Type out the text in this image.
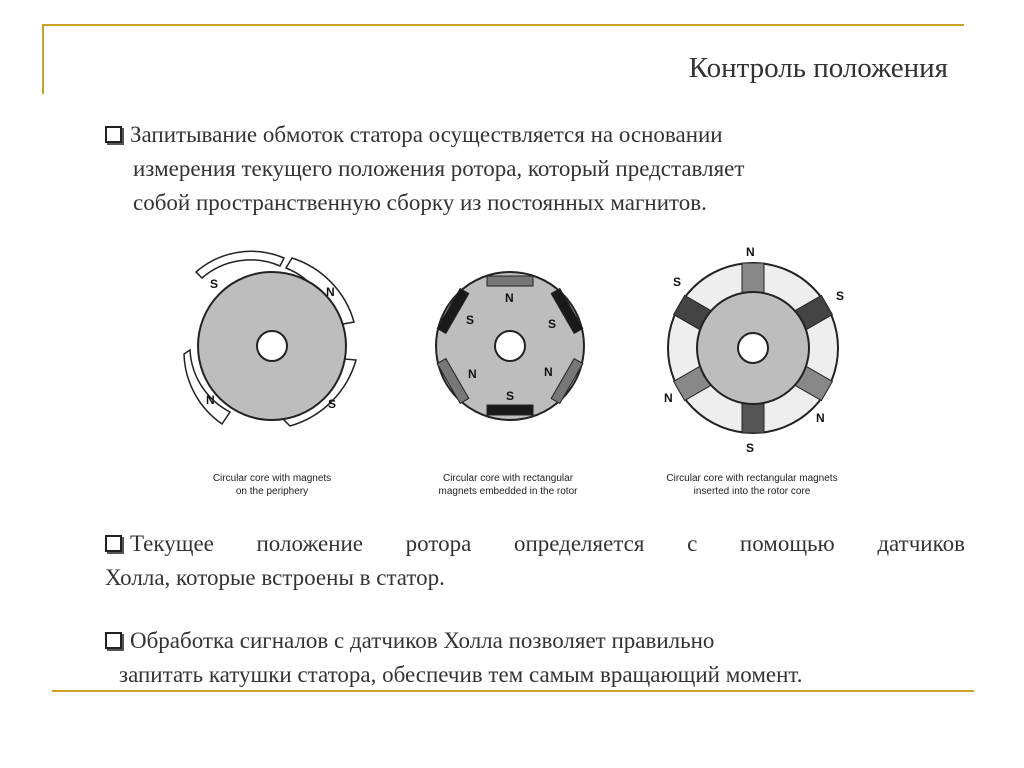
Контроль положения
Запитывание обмоток статора осуществляется на основании
измерения текущего положения ротора, который представляет
собой пространственную сборку из постоянных магнитов.
S
N
N	S
N
S	S
N	N
S
N
S
S
N
N
S
Circular core with magnets
on the periphery
Circular core with rectangular
magnets embedded in the rotor
Circular core with rectangular magnets
inserted into the rotor core
Текущее положение ротора определяется с помощью датчиков
Холла, которые встроены в статор.
Обработка сигналов с датчиков Холла позволяет правильно
запитать катушки статора, обеспечив тем самым вращающий момент.
